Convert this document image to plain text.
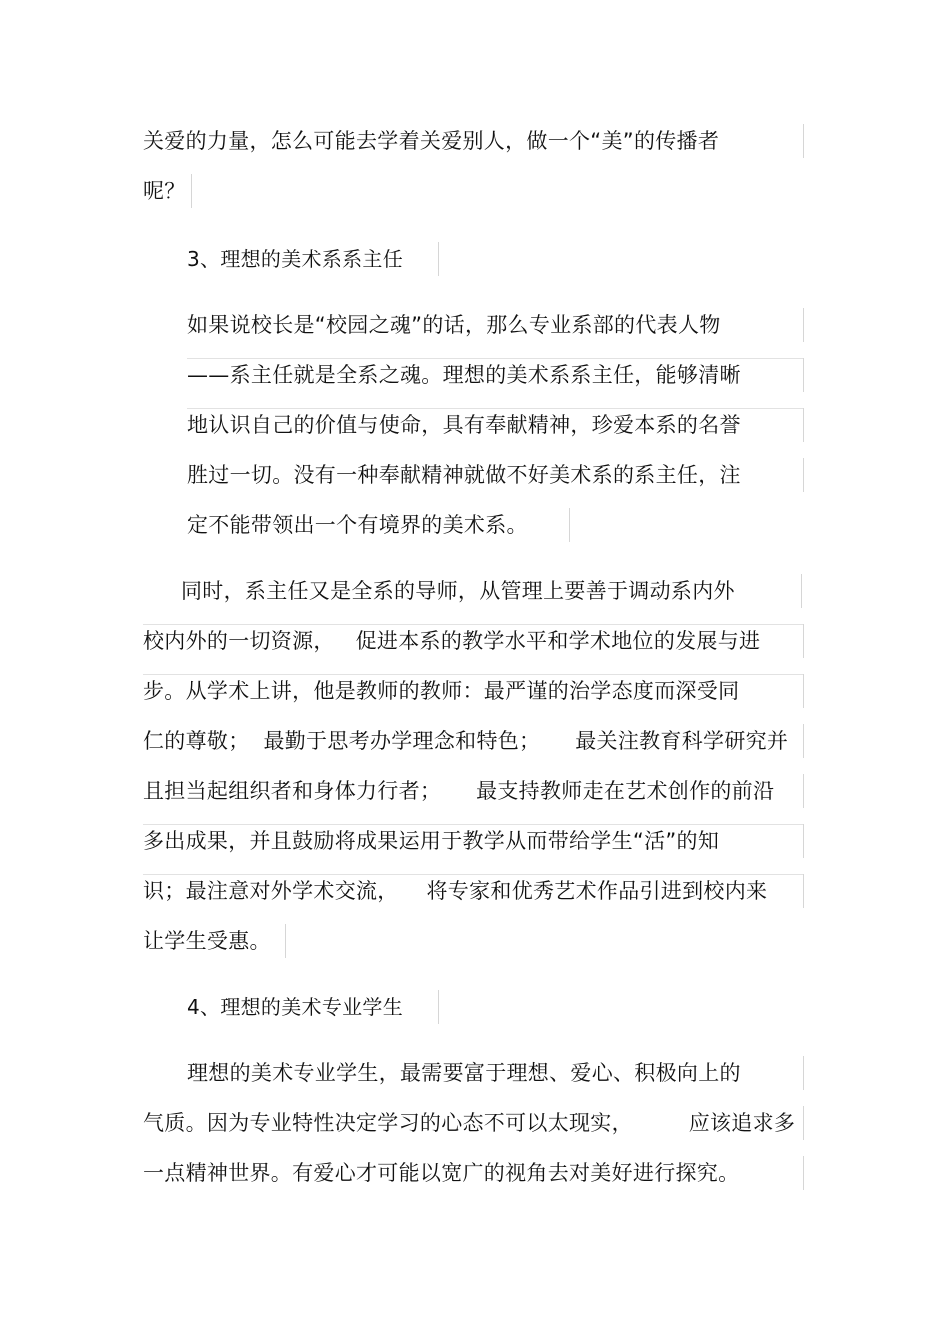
关爱的力量，怎么可能去学着关爱别人，做一个“美”的传播者
呢？
3、理想的美术系系主任
如果说校长是“校园之魂”的话，那么专业系部的代表人物
——系主任就是全系之魂。理想的美术系系主任，能够清晰
地认识自己的价值与使命，具有奉献精神，珍爱本系的名誉
胜过一切。没有一种奉献精神就做不好美术系的系主任，注
定不能带领出一个有境界的美术系。
同时，系主任又是全系的导师，从管理上要善于调动系内外
校内外的一切资源，   促进本系的教学水平和学术地位的发展与进
步。从学术上讲，他是教师的教师：最严谨的治学态度而深受同
仁的尊敬；  最勤于思考办学理念和特色；     最关注教育科学研究并
且担当起组织者和身体力行者；     最支持教师走在艺术创作的前沿
多出成果，并且鼓励将成果运用于教学从而带给学生“活”的知
识；最注意对外学术交流，    将专家和优秀艺术作品引进到校内来
让学生受惠。
4、理想的美术专业学生
理想的美术专业学生，最需要富于理想、爱心、积极向上的
气质。因为专业特性决定学习的心态不可以太现实，        应该追求多
一点精神世界。有爱心才可能以宽广的视角去对美好进行探究。
